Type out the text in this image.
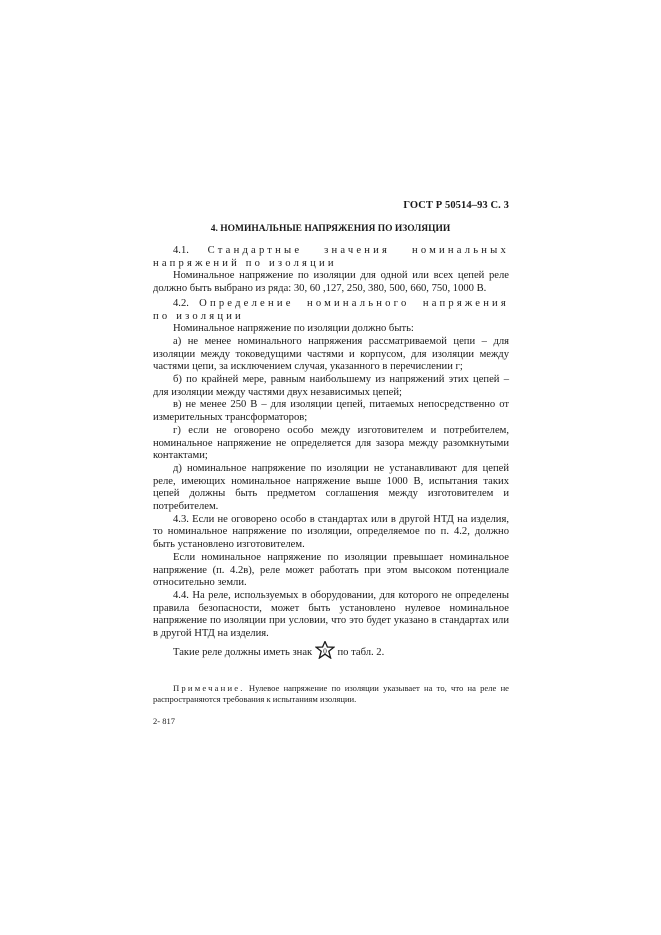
ГОСТ Р 50514–93 С. 3
4. НОМИНАЛЬНЫЕ НАПРЯЖЕНИЯ ПО ИЗОЛЯЦИИ

4.1. Стандартные значения номинальных напряжений по изоляции

Номинальное напряжение по изоляции для одной или всех цепей реле должно быть выбрано из ряда: 30, 60 ,127, 250, 380, 500, 660, 750, 1000 В.

4.2. Определение номинального напряжения по изоляции

Номинальное напряжение по изоляции должно быть:

а) не менее номинального напряжения рассматриваемой цепи – для изоляции между токоведущими частями и корпусом, для изоляции между частями цепи, за исключением случая, указанного в перечислении г;

б) по крайней мере, равным наибольшему из напряжений этих цепей – для изоляции между частями двух независимых цепей;

в) не менее 250 В – для изоляции цепей, питаемых непосредственно от измерительных трансформаторов;

г) если не оговорено особо между изготовителем и потребителем, номинальное напряжение не определяется для зазора между разомкнутыми контактами;

д) номинальное напряжение по изоляции не устанавливают для цепей реле, имеющих номинальное напряжение выше 1000 В, испытания таких цепей должны быть предметом соглашения между изготовителем и потребителем.

4.3. Если не оговорено особо в стандартах или в другой НТД на изделия, то номинальное напряжение по изоляции, определяемое по п. 4.2, должно быть установлено изготовителем.

Если номинальное напряжение по изоляции превышает номинальное напряжение (п. 4.2в), реле может работать при этом высоком потенциале относительно земли.

4.4. На реле, используемых в оборудовании, для которого не определены правила безопасности, может быть установлено нулевое номинальное напряжение по изоляции при условии, что это будет указано в стандартах или в другой НТД на изделия.

Такие реле должны иметь знак 0 по табл. 2.

Примечание. Нулевое напряжение по изоляции указывает на то, что на реле не распространяются требования к испытаниям изоляции.

2- 817
